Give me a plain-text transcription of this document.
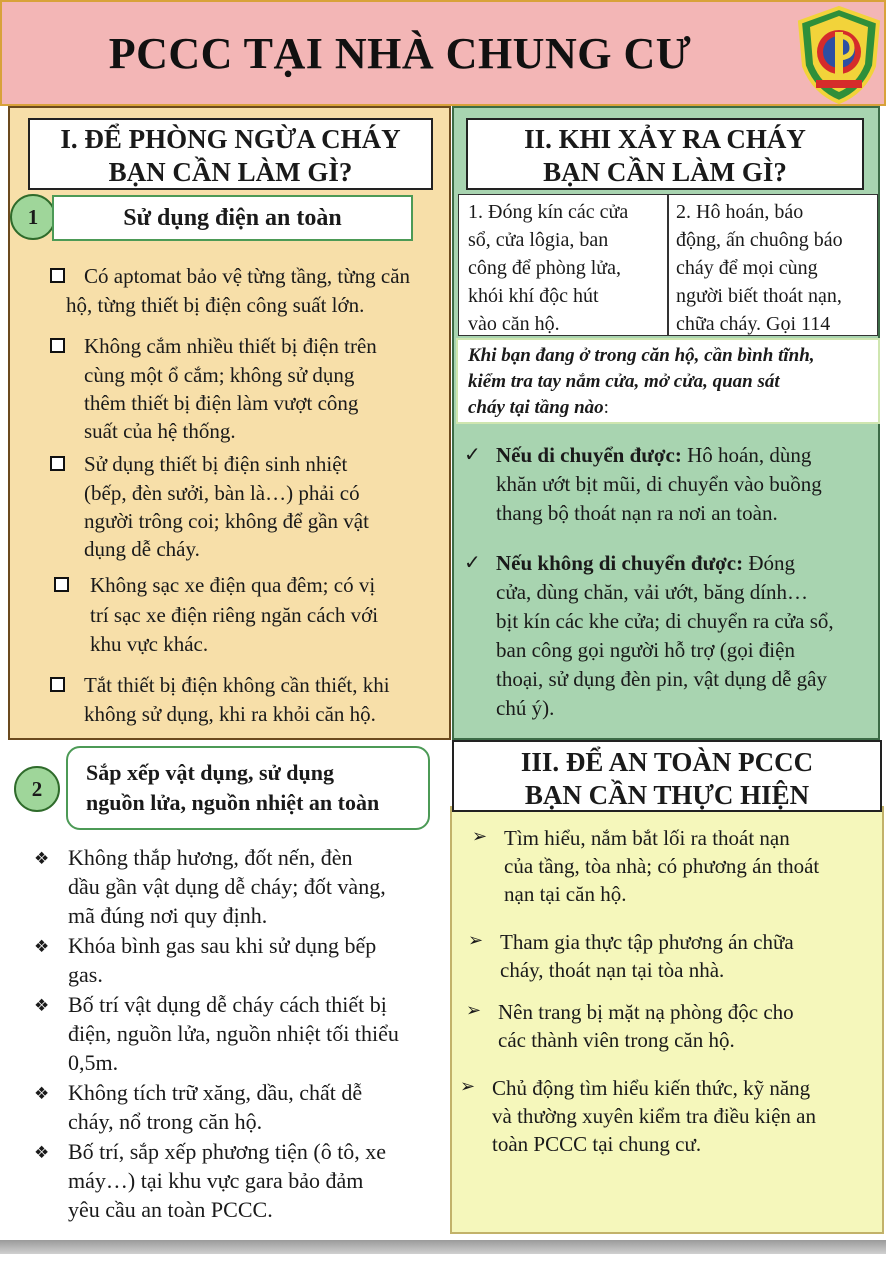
PCCC TẠI NHÀ CHUNG CƯ
I. ĐỂ PHÒNG NGỪA CHÁY
BẠN CẦN LÀM GÌ?
1	Sử dụng điện an toàn
Có aptomat bảo vệ từng tầng, từng căn
hộ, từng thiết bị điện công suất lớn.
Không cắm nhiều thiết bị điện trên
cùng một ổ cắm; không sử dụng
thêm thiết bị điện làm vượt công
suất của hệ thống.
Sử dụng thiết bị điện sinh nhiệt
(bếp, đèn sưởi, bàn là…) phải có
người trông coi; không để gần vật
dụng dễ cháy.
Không sạc xe điện qua đêm; có vị
trí sạc xe điện riêng ngăn cách với
khu vực khác.
Tắt thiết bị điện không cần thiết, khi
không sử dụng, khi ra khỏi căn hộ.
II. KHI XẢY RA CHÁY
BẠN CẦN LÀM GÌ?
1. Đóng kín các cửa
sổ, cửa lôgia, ban
công để phòng lửa,
khói khí độc hút
vào căn hộ.
2. Hô hoán, báo
động, ấn chuông báo
cháy để mọi cùng
người biết thoát nạn,
chữa cháy. Gọi 114
Khi bạn đang ở trong căn hộ, cần bình tĩnh,
kiểm tra tay nắm cửa, mở cửa, quan sát
cháy tại tầng nào:
✓ Nếu di chuyển được: Hô hoán, dùng
khăn ướt bịt mũi, di chuyển vào buồng
thang bộ thoát nạn ra nơi an toàn.
✓ Nếu không di chuyển được: Đóng
cửa, dùng chăn, vải ướt, băng dính…
bịt kín các khe cửa; di chuyển ra cửa sổ,
ban công gọi người hỗ trợ (gọi điện
thoại, sử dụng đèn pin, vật dụng dễ gây
chú ý).
2
Sắp xếp vật dụng, sử dụng
nguồn lửa, nguồn nhiệt an toàn
❖ Không thắp hương, đốt nến, đèn
dầu gần vật dụng dễ cháy; đốt vàng,
mã đúng nơi quy định.
❖ Khóa bình gas sau khi sử dụng bếp
gas.
❖ Bố trí vật dụng dễ cháy cách thiết bị
điện, nguồn lửa, nguồn nhiệt tối thiểu
0,5m.
❖ Không tích trữ xăng, dầu, chất dễ
cháy, nổ trong căn hộ.
❖ Bố trí, sắp xếp phương tiện (ô tô, xe
máy…) tại khu vực gara bảo đảm
yêu cầu an toàn PCCC.
III. ĐỂ AN TOÀN PCCC
BẠN CẦN THỰC HIỆN
➢ Tìm hiểu, nắm bắt lối ra thoát nạn
của tầng, tòa nhà; có phương án thoát
nạn tại căn hộ.
➢ Tham gia thực tập phương án chữa
cháy, thoát nạn tại tòa nhà.
➢ Nên trang bị mặt nạ phòng độc cho
các thành viên trong căn hộ.
➢ Chủ động tìm hiểu kiến thức, kỹ năng
và thường xuyên kiểm tra điều kiện an
toàn PCCC tại chung cư.
